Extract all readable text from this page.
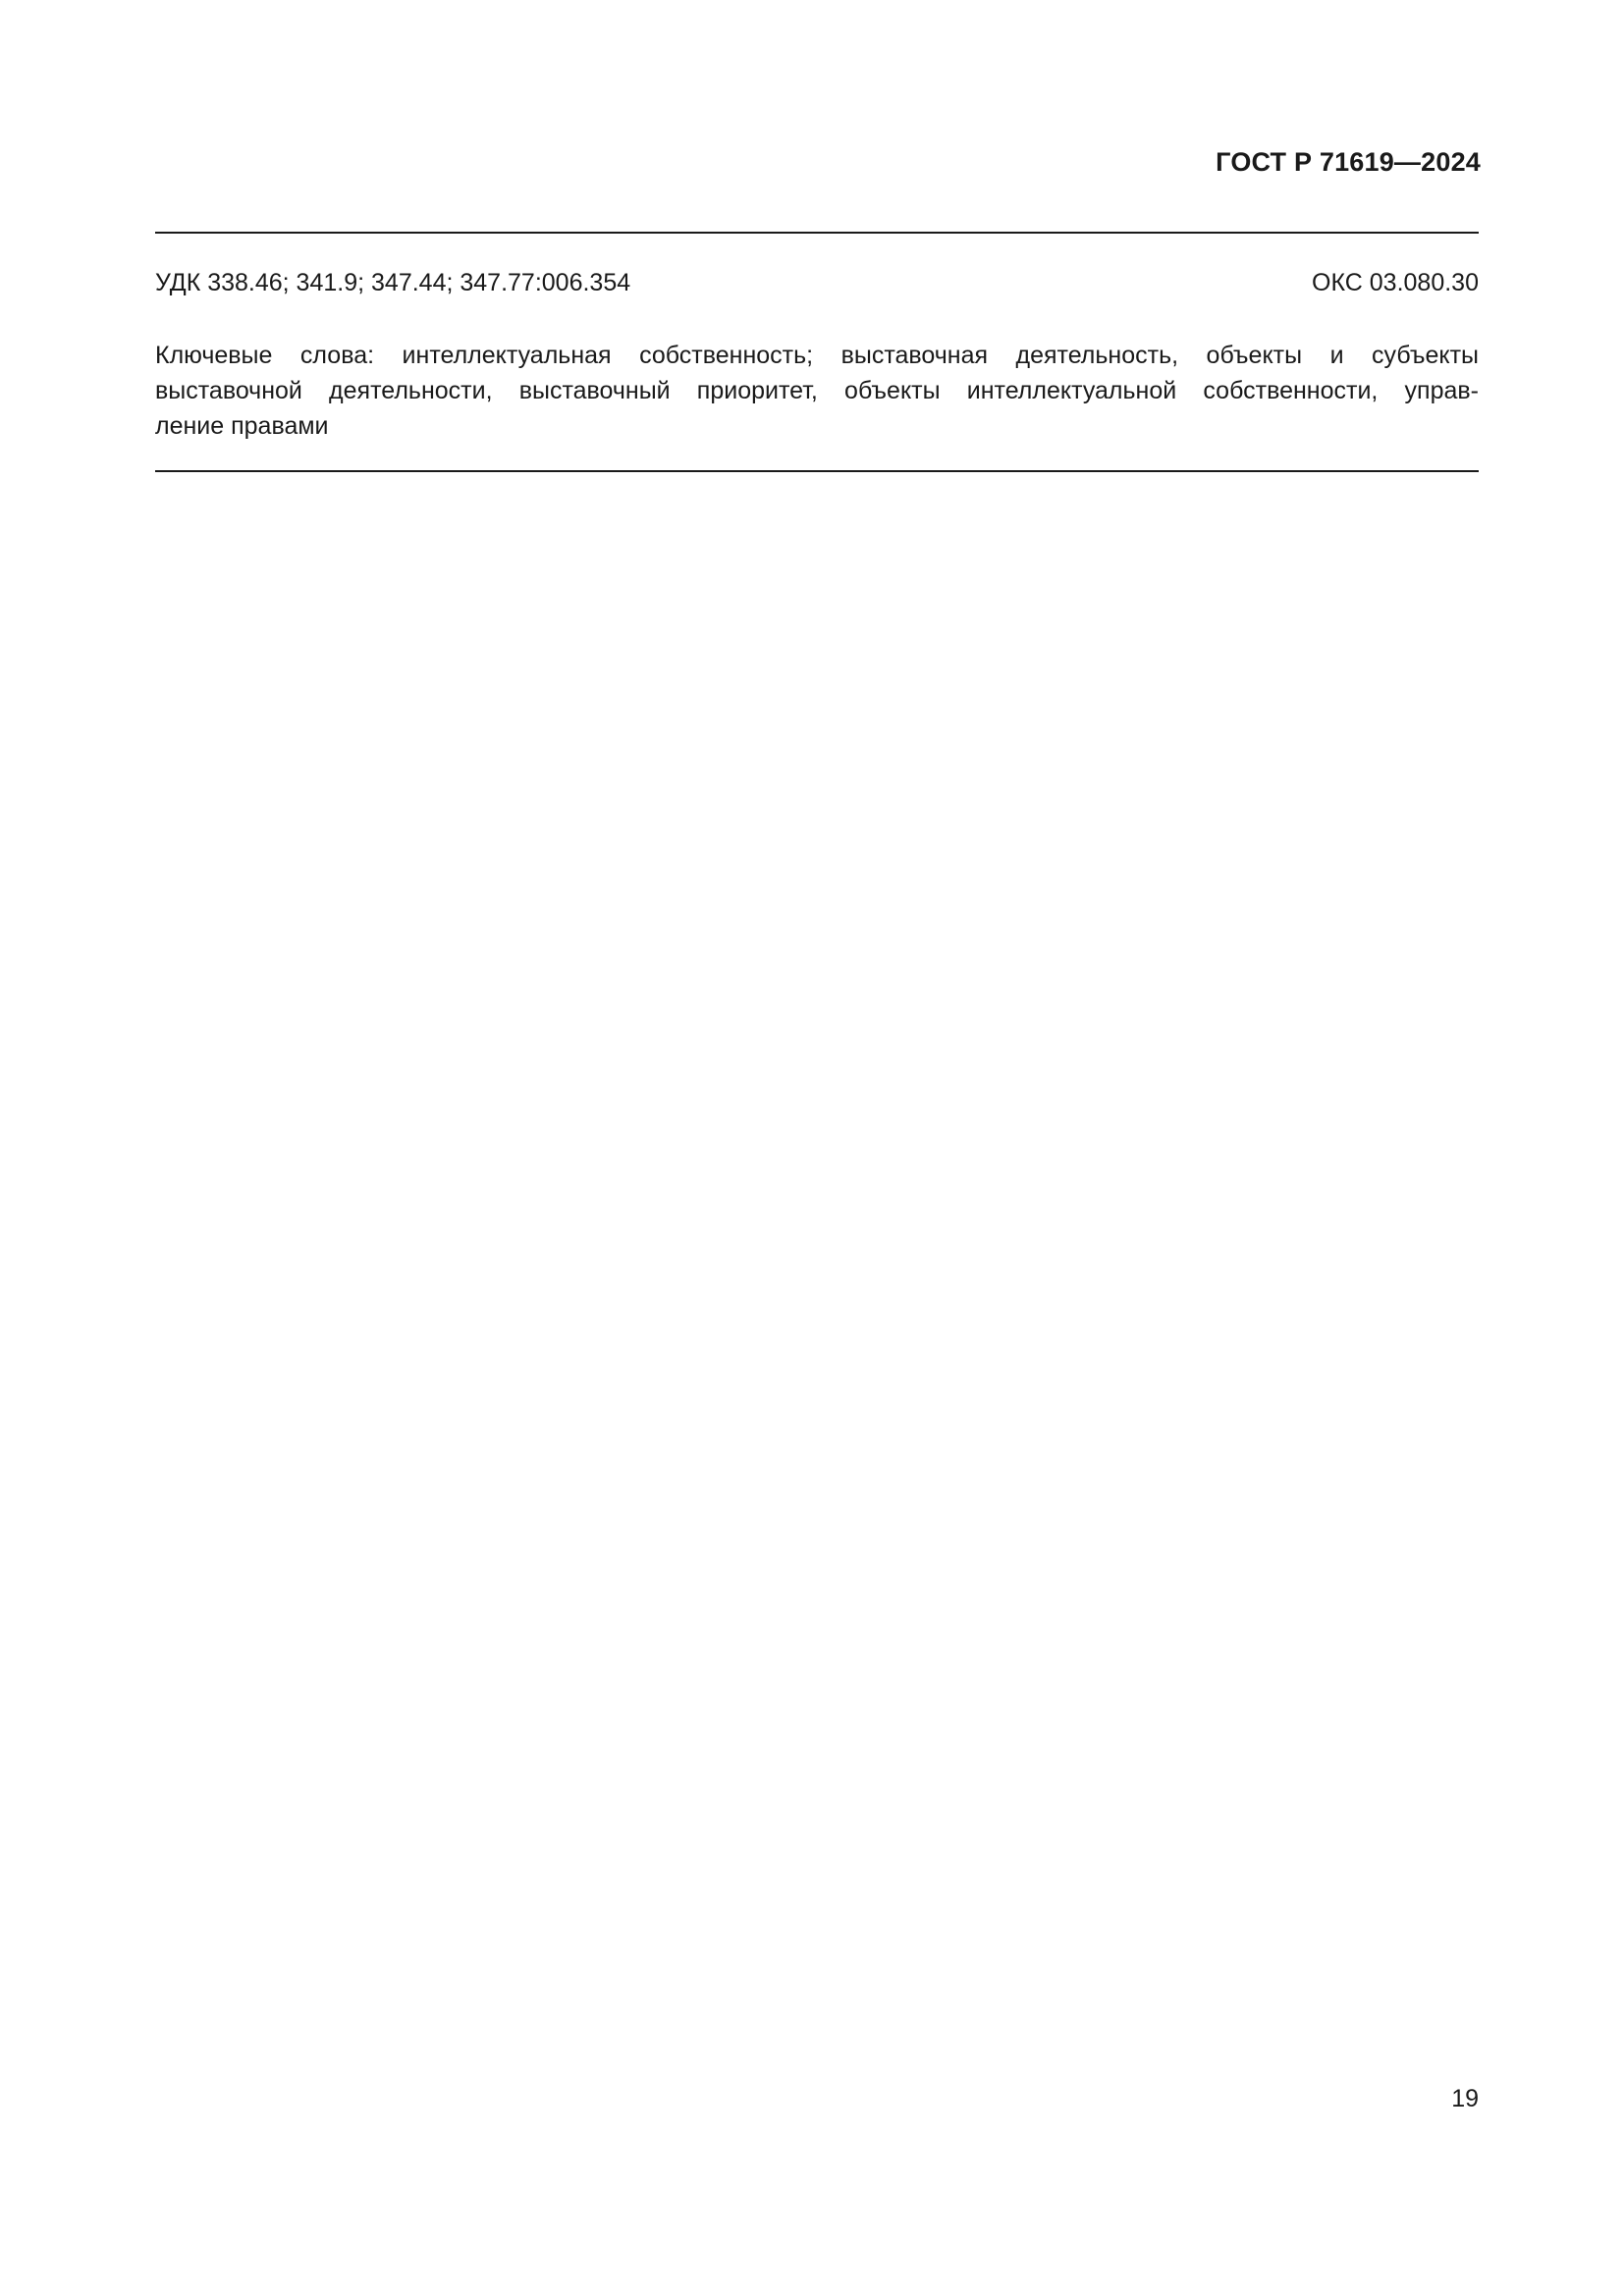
ГОСТ Р 71619—2024
УДК 338.46; 341.9; 347.44; 347.77:006.354	ОКС 03.080.30
Ключевые слова: интеллектуальная собственность; выставочная деятельность, объекты и субъекты
выставочной деятельности, выставочный приоритет, объекты интеллектуальной собственности, управ-
ление правами
19
